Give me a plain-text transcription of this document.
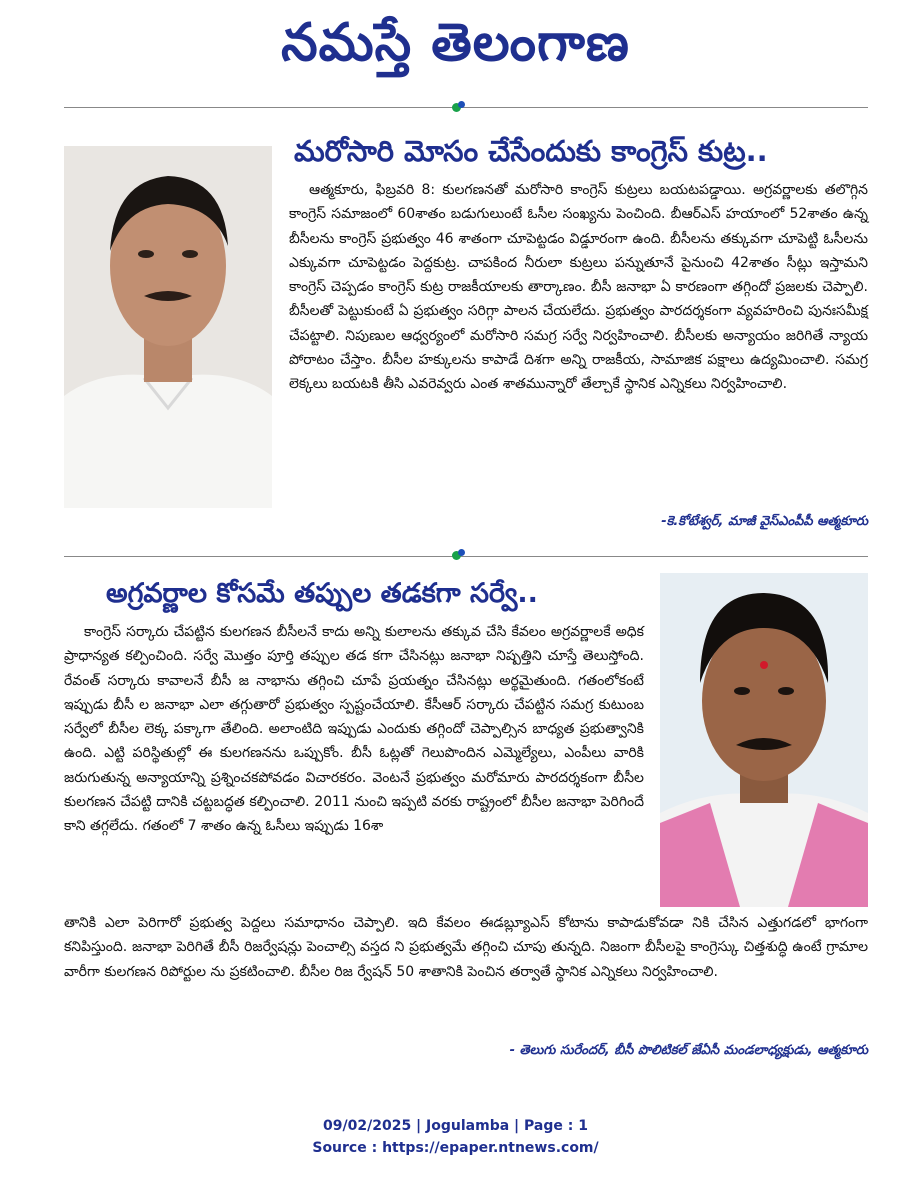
నమస్తే తెలంగాణ
మరోసారి మోసం చేసేందుకు కాంగ్రెస్ కుట్ర..
ఆత్మకూరు, ఫిబ్రవరి 8: కులగణనతో మరోసారి కాంగ్రెస్ కుట్రలు బయటపడ్డాయి. అగ్రవర్ణాలకు తలొగ్గిన కాంగ్రెస్ సమాజంలో 60శాతం బడుగులుంటే ఓసీల సంఖ్యను పెంచింది. బీఆర్ఎస్ హయాంలో 52శాతం ఉన్న బీసీలను కాంగ్రెస్ ప్రభుత్వం 46 శాతంగా చూపెట్టడం విడ్డూరంగా ఉంది. బీసీలను తక్కువగా చూపెట్టి ఓసీలను ఎక్కువగా చూపెట్టడం పెద్దకుట్ర. చాపకింద నీరులా కుట్రలు పన్నుతూనే పైనుంచి 42శాతం సీట్లు ఇస్తామని కాంగ్రెస్ చెప్పడం కాంగ్రెస్ కుట్ర రాజకీయాలకు తార్కాణం. బీసీ జనాభా ఏ కారణంగా తగ్గిందో ప్రజలకు చెప్పాలి. బీసీలతో పెట్టుకుంటే ఏ ప్రభుత్వం సరిగ్గా పాలన చేయలేదు. ప్రభుత్వం పారదర్శకంగా వ్యవహరించి పునఃసమీక్ష చేపట్టాలి. నిపుణుల ఆధ్వర్యంలో మరోసారి సమగ్ర సర్వే నిర్వహించాలి. బీసీలకు అన్యాయం జరిగితే న్యాయ పోరాటం చేస్తాం. బీసీల హక్కులను కాపాడే దిశగా అన్ని రాజకీయ, సామాజిక పక్షాలు ఉద్యమించాలి. సమగ్ర లెక్కలు బయటకి తీసి ఎవరెవ్వరు ఎంత శాతమున్నారో తేల్చాకే స్థానిక ఎన్నికలు నిర్వహించాలి.
-కె.కోటేశ్వర్, మాజీ వైస్ఎంపీపీ ఆత్మకూరు
అగ్రవర్ణాల కోసమే తప్పుల తడకగా సర్వే..
కాంగ్రెస్ సర్కారు చేపట్టిన కులగణన బీసీలనే కాదు అన్ని కులాలను తక్కువ చేసి కేవలం అగ్రవర్ణాలకే అధిక ప్రాధాన్యత కల్పించింది. సర్వే మొత్తం పూర్తి తప్పుల తడ కగా చేసినట్లు జనాభా నిష్పత్తిని చూస్తే తెలుస్తోంది. రేవంత్ సర్కారు కావాలనే బీసీ జ నాభాను తగ్గించి చూపే ప్రయత్నం చేసినట్లు అర్థమైతుంది. గతంలోకంటే ఇప్పుడు బీసీ ల జనాభా ఎలా తగ్గుతారో ప్రభుత్వం స్పష్టంచేయాలి. కేసీఆర్ సర్కారు చేపట్టిన సమగ్ర కుటుంబ సర్వేలో బీసీల లెక్క పక్కాగా తేలింది. అలాంటిది ఇప్పుడు ఎందుకు తగ్గిందో చెప్పాల్సిన బాధ్యత ప్రభుత్వానికి ఉంది. ఎట్టి పరిస్థితుల్లో ఈ కులగణనను ఒప్పుకోం. బీసీ ఓట్లతో గెలుపొందిన ఎమ్మెల్యేలు, ఎంపీలు వారికి జరుగుతున్న అన్యాయాన్ని ప్రశ్నించకపోవడం విచారకరం. వెంటనే ప్రభుత్వం మరోమారు పారదర్శకంగా బీసీల కులగణన చేపట్టి దానికి చట్టబద్ధత కల్పించాలి. 2011 నుంచి ఇప్పటి వరకు రాష్ట్రంలో బీసీల జనాభా పెరిగిందే కాని తగ్గలేదు. గతంలో 7 శాతం ఉన్న ఓసీలు ఇప్పుడు 16శా
తానికి ఎలా పెరిగారో ప్రభుత్వ పెద్దలు సమాధానం చెప్పాలి. ఇది కేవలం ఈడబ్ల్యూఎస్ కోటాను కాపాడుకోవడా నికి చేసిన ఎత్తుగడలో భాగంగా కనిపిస్తుంది. జనాభా పెరిగితే బీసీ రిజర్వేషన్లు పెంచాల్సి వస్తద ని ప్రభుత్వమే తగ్గించి చూపు తున్నది. నిజంగా బీసీలపై కాంగ్రెస్కు చిత్తశుద్ధి ఉంటే గ్రామాల వారీగా కులగణన రిపోర్టుల ను ప్రకటించాలి. బీసీల రిజ ర్వేషన్ 50 శాతానికి పెంచిన తర్వాతే స్థానిక ఎన్నికలు నిర్వహించాలి.
- తెలుగు సురేందర్, బీసీ పొలిటికల్ జేఏసీ మండలాధ్యక్షుడు, ఆత్మకూరు
09/02/2025 | Jogulamba | Page : 1
Source : https://epaper.ntnews.com/
